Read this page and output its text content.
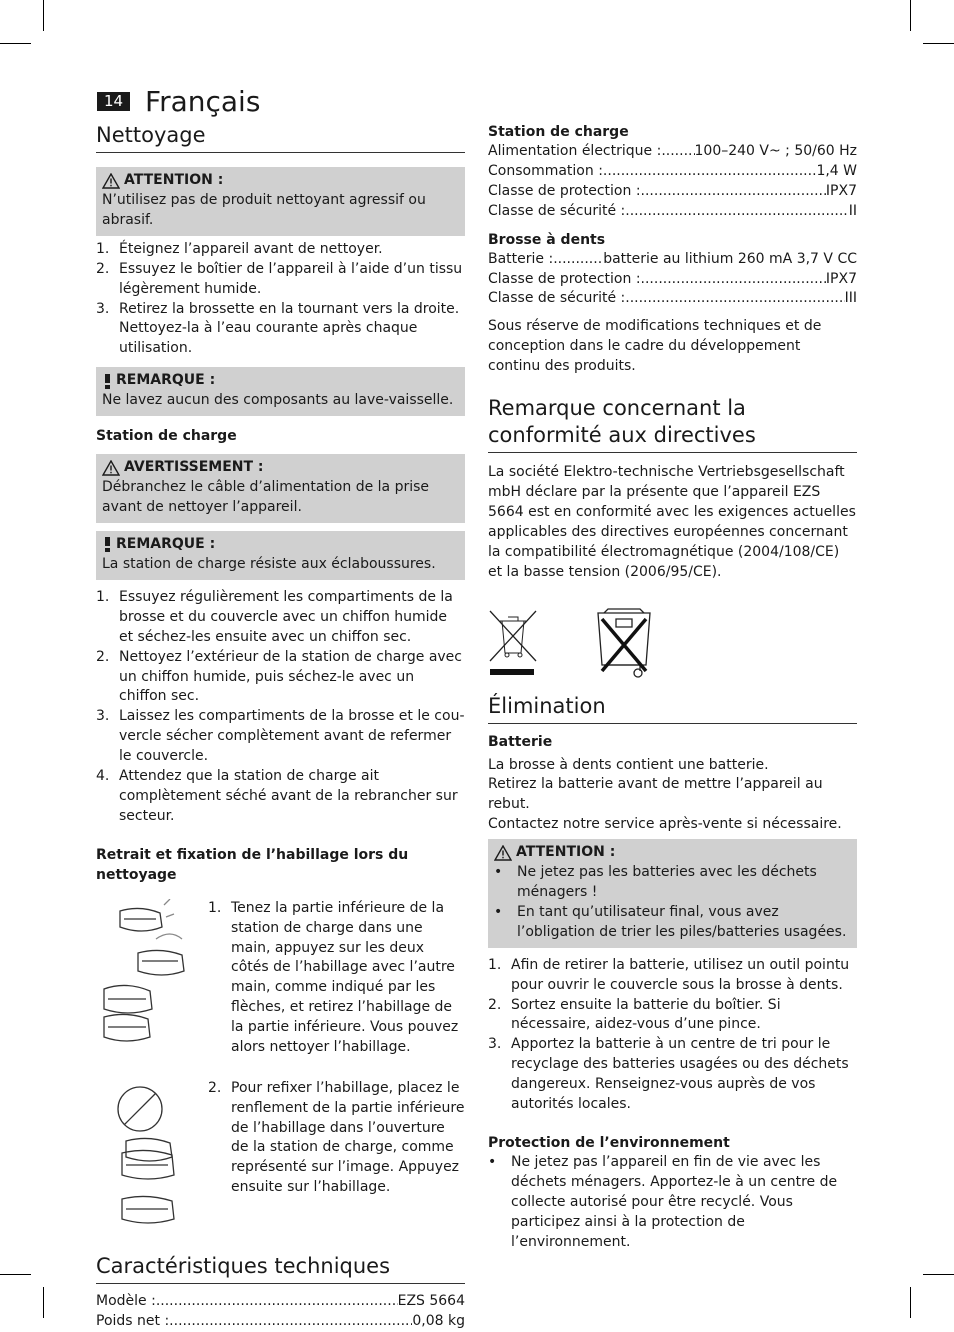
14 Français
Nettoyage
ATTENTION :

N’utilisez pas de produit nettoyant agressif ou abrasif.

1. Éteignez l’appareil avant de nettoyer.
2. Essuyez le boîtier de l’appareil à l’aide d’un tissu légèrement humide.
3. Retirez la brossette en la tournant vers la droite. Nettoyez-la à l’eau courante après chaque utilisation.
REMARQUE :

Ne lavez aucun des composants au lave-vaisselle.

Station de charge
AVERTISSEMENT :

Débranchez le câble d’alimentation de la prise avant de nettoyer l’appareil.

REMARQUE :

La station de charge résiste aux éclaboussures.

1. Essuyez régulièrement les compartiments de la brosse et du couvercle avec un chiffon humide et séchez-les ensuite avec un chiffon sec.
2. Nettoyez l’extérieur de la station de charge avec un chiffon humide, puis séchez-le avec un chiffon sec.
3. Laissez les compartiments de la brosse et le couvercle sécher complètement avant de refermer le couvercle.
4. Attendez que la station de charge ait complètement séché avant de la rebrancher sur secteur.
Retrait et fixation de l’habillage lors du nettoyage
1. Tenez la partie inférieure de la station de charge dans une main, appuyez sur les deux côtés de l’habillage avec l’autre main, comme indiqué par les flèches, et retirez l’habillage de la partie inférieure. Vous pouvez alors nettoyer l’habillage.
2. Pour refixer l’habillage, placez le renflement de la partie inférieure de l’habillage dans l’ouverture de la station de charge, comme représenté sur l’image. Appuyez ensuite sur l’habillage.
Caractéristiques techniques
Modèle : .....	EZS 5664
Poids net : .....	0,08 kg
Station de charge
Alimentation électrique : ..... 100–240 V~ ; 50/60 Hz
Consommation : .....	1,4 W
Classe de protection : .....	IPX7
Classe de sécurité : .....	II
Brosse à dents
Batterie : .....	batterie au lithium 260 mA 3,7 V CC
Classe de protection : .....	IPX7
Classe de sécurité : .....	III

Sous réserve de modifications techniques et de conception dans le cadre du développement continu des produits.

Remarque concernant la conformité aux directives

La société Elektro-technische Vertriebsgesellschaft mbH déclare par la présente que l’appareil EZS 5664 est en conformité avec les exigences actuelles applicables des directives européennes concernant la compatibilité électromagnétique (2004/108/CE) et la basse tension (2006/95/CE).

Élimination
Batterie

La brosse à dents contient une batterie.

Retirez la batterie avant de mettre l’appareil au rebut.

Contactez notre service après-vente si nécessaire.

ATTENTION :
•	Ne jetez pas les batteries avec les déchets ménagers !
•	En tant qu’utilisateur final, vous avez l’obligation de trier les piles/batteries usagées.
1. Afin de retirer la batterie, utilisez un outil pointu pour ouvrir le couvercle sous la brosse à dents.
2. Sortez ensuite la batterie du boîtier. Si nécessaire, aidez-vous d’une pince.
3. Apportez la batterie à un centre de tri pour le recyclage des batteries usagées ou des déchets dangereux. Renseignez-vous auprès de vos autorités locales.
Protection de l’environnement
•	Ne jetez pas l’appareil en fin de vie avec les déchets ménagers. Apportez-le à un centre de collecte autorisé pour être recyclé. Vous participez ainsi à la protection de l’environnement.
